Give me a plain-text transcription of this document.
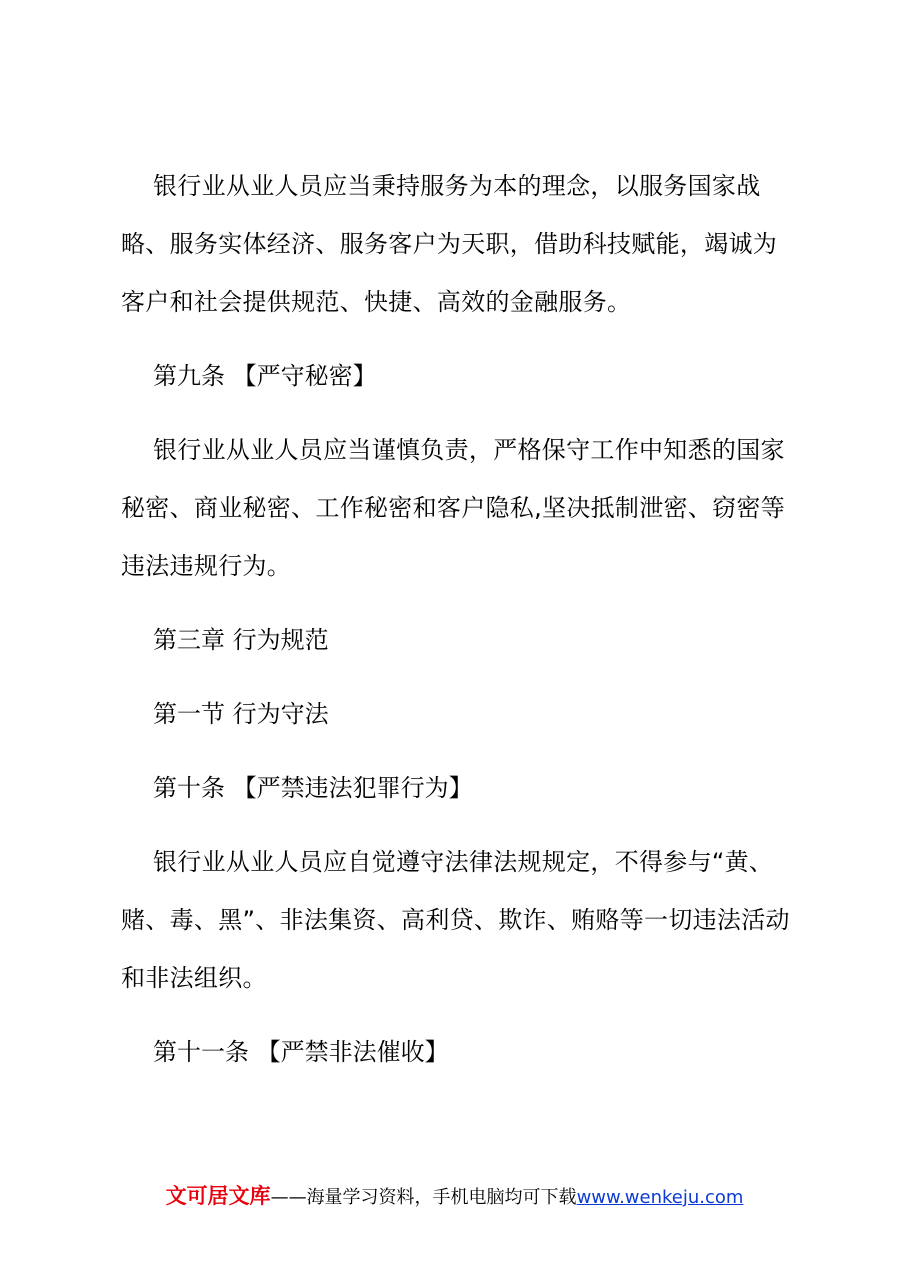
银行业从业人员应当秉持服务为本的理念，以服务国家战略、服务实体经济、服务客户为天职，借助科技赋能，竭诚为客户和社会提供规范、快捷、高效的金融服务。

第九条 【严守秘密】

银行业从业人员应当谨慎负责，严格保守工作中知悉的国家秘密、商业秘密、工作秘密和客户隐私,坚决抵制泄密、窃密等违法违规行为。

第三章 行为规范

第一节 行为守法

第十条 【严禁违法犯罪行为】

银行业从业人员应自觉遵守法律法规规定，不得参与“黄、赌、毒、黑”、非法集资、高利贷、欺诈、贿赂等一切违法活动和非法组织。

第十一条 【严禁非法催收】

文可居文库——海量学习资料，手机电脑均可下载www.wenkeju.com
